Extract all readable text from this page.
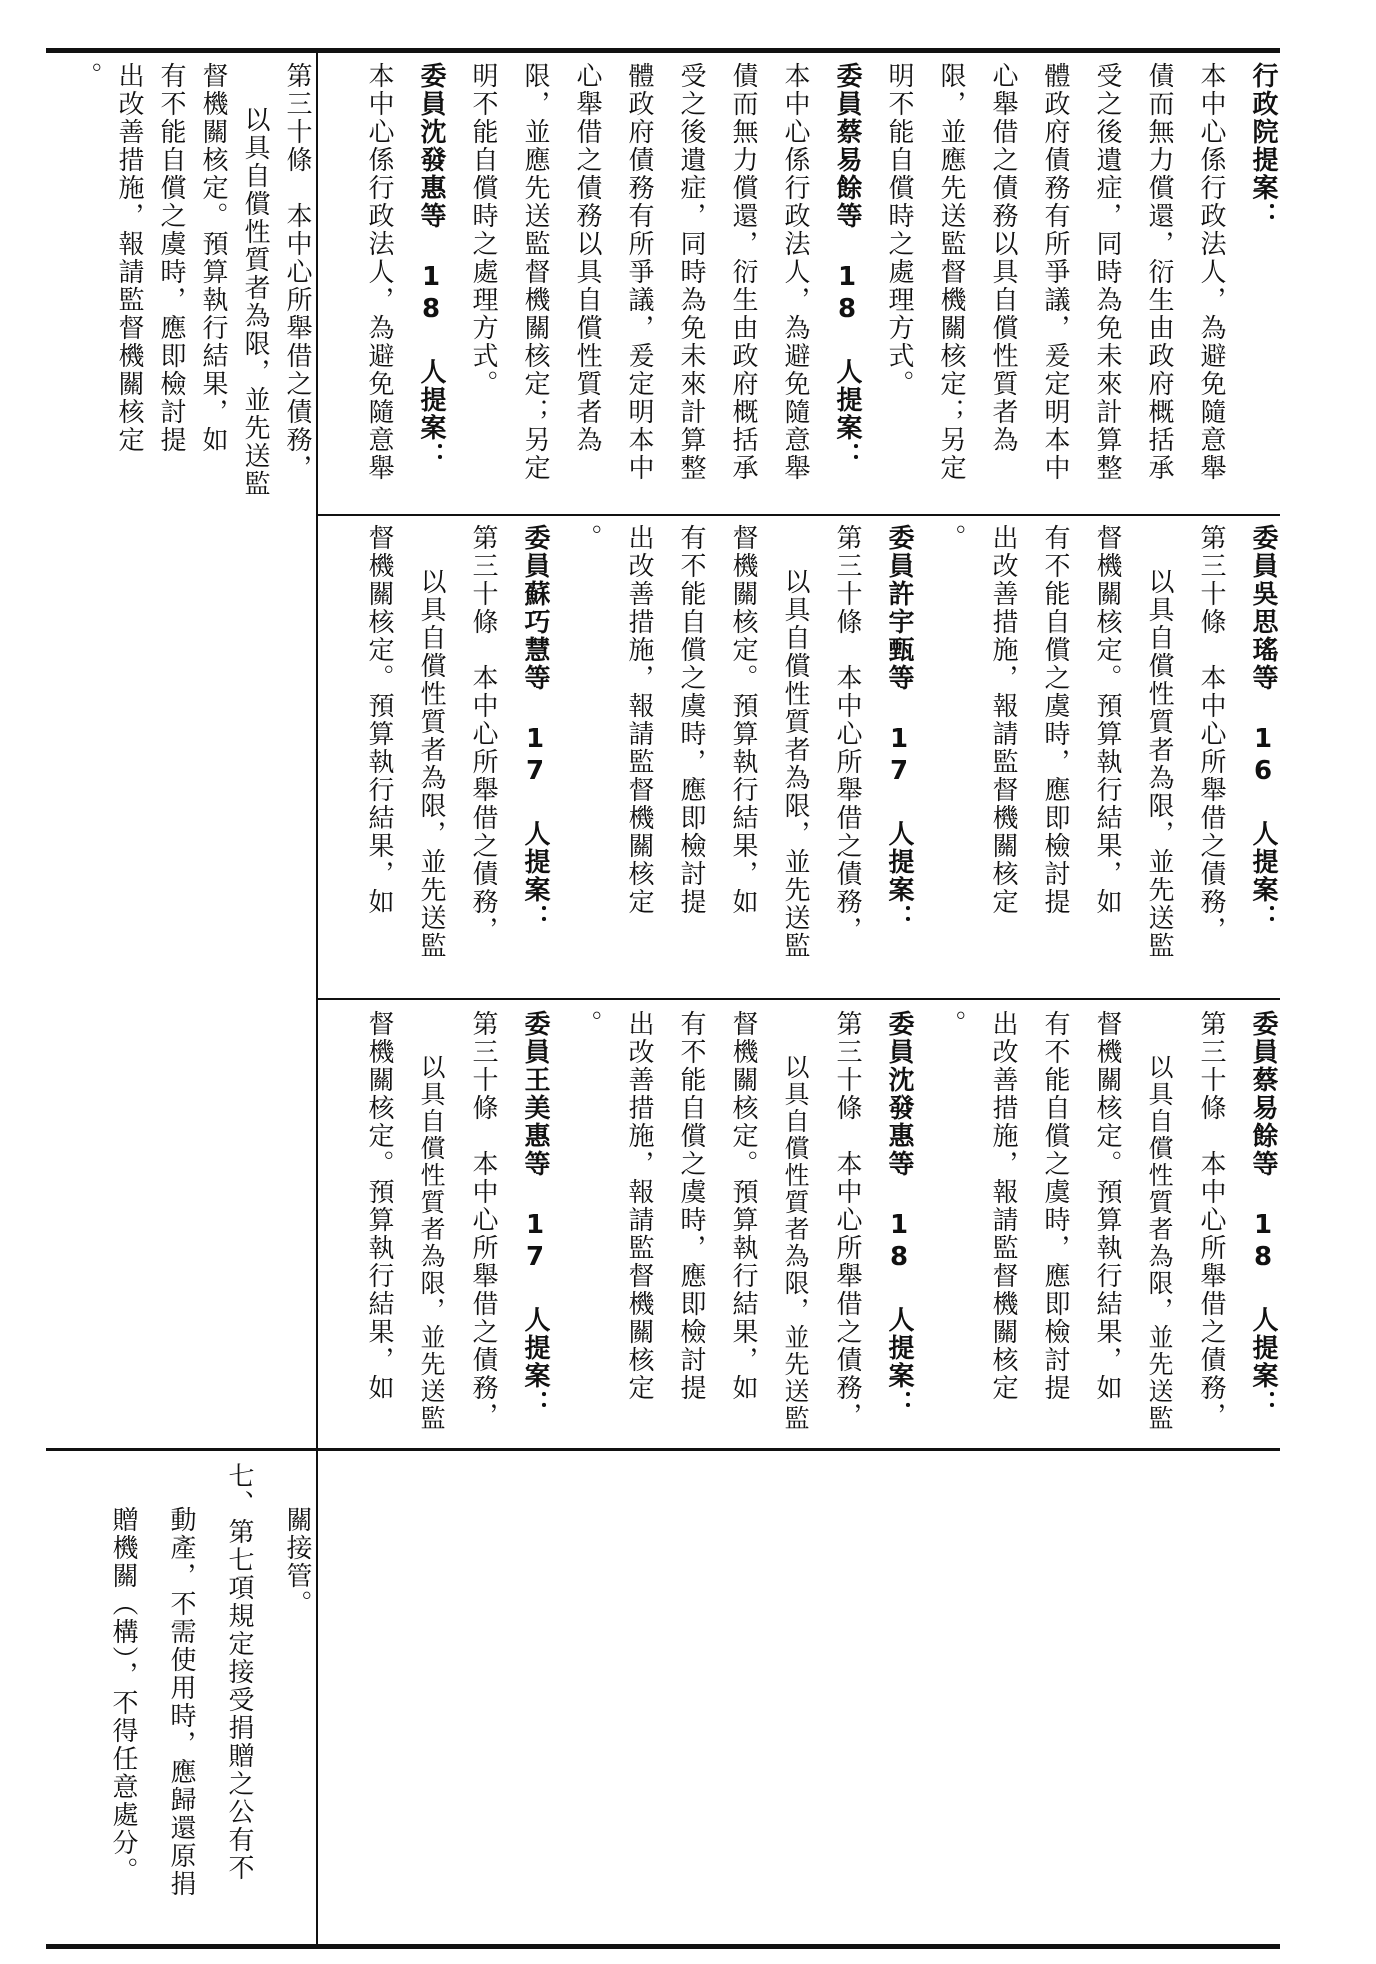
關接管。
七、第七項規定接受捐贈之公有不
動產，不需使用時，應歸還原捐
贈機關（構），不得任意處分。
第三十條　本中心所舉借之債務，
以具自償性質者為限，並先送監
督機關核定。預算執行結果，如
有不能自償之虞時，應即檢討提
出改善措施，報請監督機關核定
。
委員蔡易餘等 18 人提案：
第三十條　本中心所舉借之債務，
以具自償性質者為限，並先送監
督機關核定。預算執行結果，如
有不能自償之虞時，應即檢討提
出改善措施，報請監督機關核定
。
委員沈發惠等 18 人提案：
第三十條　本中心所舉借之債務，
以具自償性質者為限，並先送監
督機關核定。預算執行結果，如
有不能自償之虞時，應即檢討提
出改善措施，報請監督機關核定
。
委員王美惠等 17 人提案：
第三十條　本中心所舉借之債務，
以具自償性質者為限，並先送監
督機關核定。預算執行結果，如
委員吳思瑤等 16 人提案：
第三十條　本中心所舉借之債務，
以具自償性質者為限，並先送監
督機關核定。預算執行結果，如
有不能自償之虞時，應即檢討提
出改善措施，報請監督機關核定
。
委員許宇甄等 17 人提案：
第三十條　本中心所舉借之債務，
以具自償性質者為限，並先送監
督機關核定。預算執行結果，如
有不能自償之虞時，應即檢討提
出改善措施，報請監督機關核定
。
委員蘇巧慧等 17 人提案：
第三十條　本中心所舉借之債務，
以具自償性質者為限，並先送監
督機關核定。預算執行結果，如
行政院提案：
本中心係行政法人，為避免隨意舉
債而無力償還，衍生由政府概括承
受之後遺症，同時為免未來計算整
體政府債務有所爭議，爰定明本中
心舉借之債務以具自償性質者為
限，並應先送監督機關核定；另定
明不能自償時之處理方式。
委員蔡易餘等 18 人提案：
本中心係行政法人，為避免隨意舉
債而無力償還，衍生由政府概括承
受之後遺症，同時為免未來計算整
體政府債務有所爭議，爰定明本中
心舉借之債務以具自償性質者為
限，並應先送監督機關核定；另定
明不能自償時之處理方式。
委員沈發惠等 18 人提案：
本中心係行政法人，為避免隨意舉
